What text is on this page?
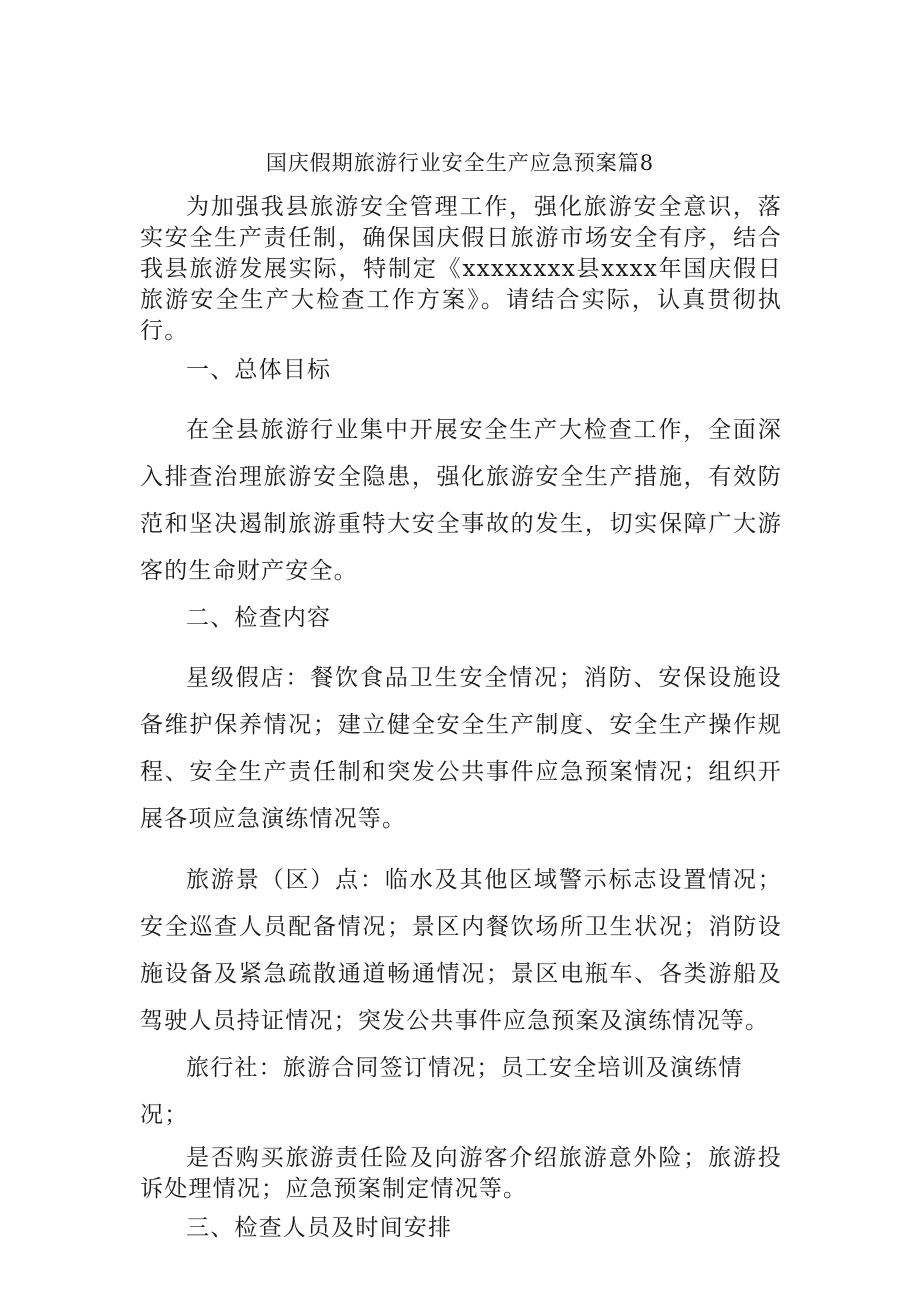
国庆假期旅游行业安全生产应急预案篇8

为加强我县旅游安全管理工作，强化旅游安全意识，落实安全生产责任制，确保国庆假日旅游市场安全有序，结合我县旅游发展实际，特制定《xxxxxxxx县xxxx年国庆假日旅游安全生产大检查工作方案》。请结合实际，认真贯彻执行。

一、总体目标

在全县旅游行业集中开展安全生产大检查工作，全面深入排查治理旅游安全隐患，强化旅游安全生产措施，有效防范和坚决遏制旅游重特大安全事故的发生，切实保障广大游客的生命财产安全。

二、检查内容

星级假店：餐饮食品卫生安全情况；消防、安保设施设备维护保养情况；建立健全安全生产制度、安全生产操作规程、安全生产责任制和突发公共事件应急预案情况；组织开展各项应急演练情况等。

旅游景（区）点：临水及其他区域警示标志设置情况；安全巡查人员配备情况；景区内餐饮场所卫生状况；消防设施设备及紧急疏散通道畅通情况；景区电瓶车、各类游船及驾驶人员持证情况；突发公共事件应急预案及演练情况等。

旅行社：旅游合同签订情况；员工安全培训及演练情况；

是否购买旅游责任险及向游客介绍旅游意外险；旅游投诉处理情况；应急预案制定情况等。

三、检查人员及时间安排
